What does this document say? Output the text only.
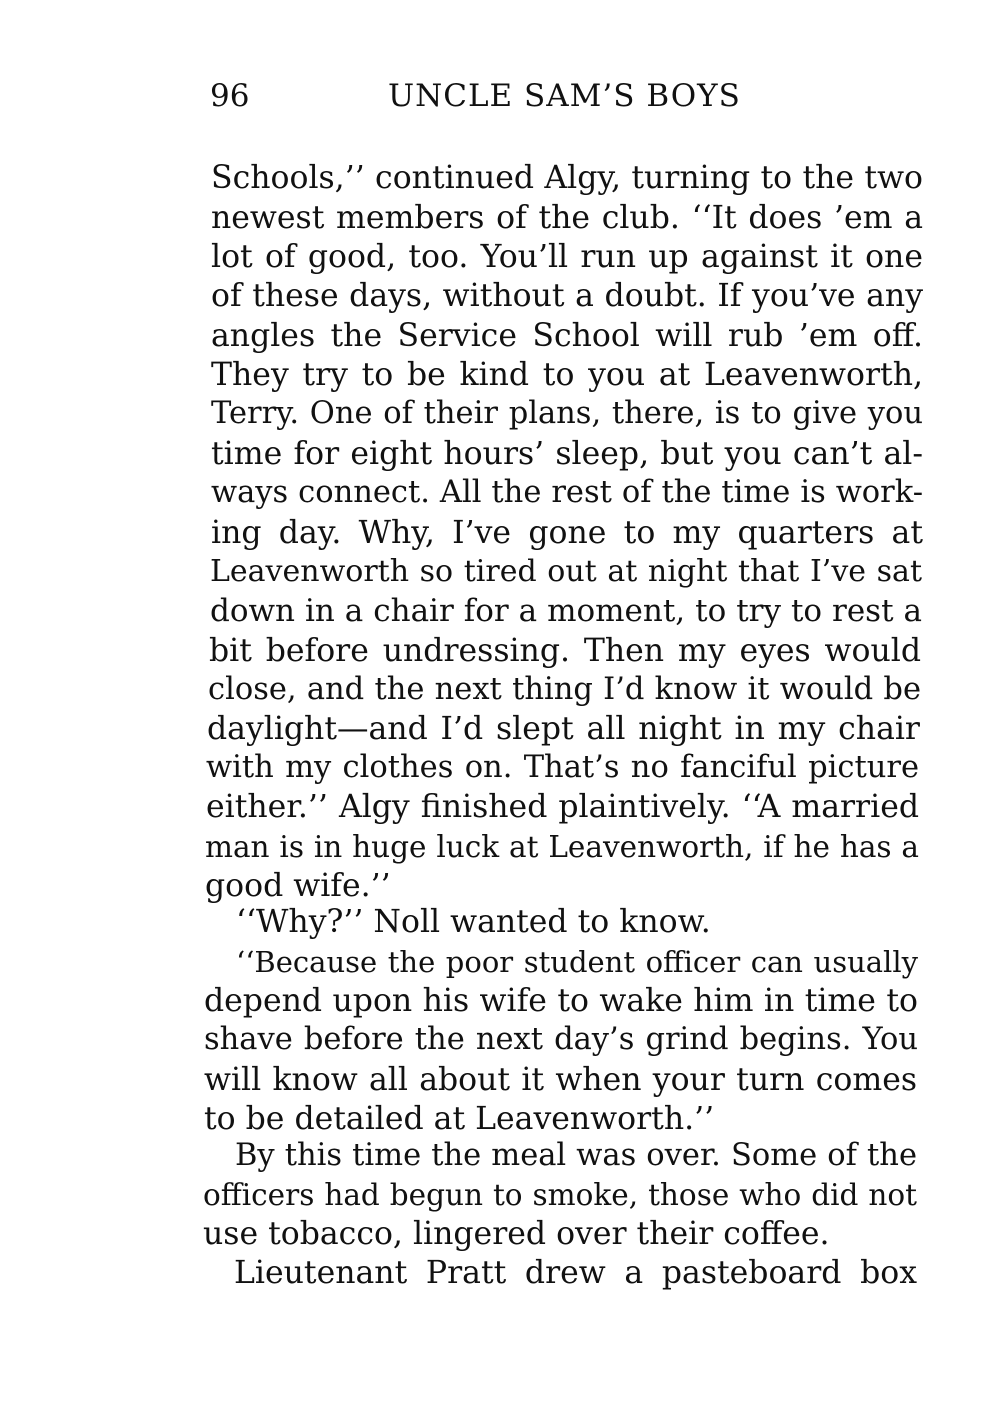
96	UNCLE SAM’S BOYS
Schools,’’ continued Algy, turning to the two
newest members of the club. ‘‘It does ’em a
lot of good, too. You’ll run up against it one
of these days, without a doubt. If you’ve any
angles the Service School will rub ’em off.
They try to be kind to you at Leavenworth,
Terry. One of their plans, there, is to give you
time for eight hours’ sleep, but you can’t al-
ways connect. All the rest of the time is work-
ing day. Why, I’ve gone to my quarters at
Leavenworth so tired out at night that I’ve sat
down in a chair for a moment, to try to rest a
bit before undressing. Then my eyes would
close, and the next thing I’d know it would be
daylight—and I’d slept all night in my chair
with my clothes on. That’s no fanciful picture
either.’’ Algy finished plaintively. ‘‘A married
man is in huge luck at Leavenworth, if he has a
good wife.’’
‘‘Why?’’ Noll wanted to know.
‘‘Because the poor student officer can usually
depend upon his wife to wake him in time to
shave before the next day’s grind begins. You
will know all about it when your turn comes
to be detailed at Leavenworth.’’
By this time the meal was over. Some of the
officers had begun to smoke, those who did not
use tobacco, lingered over their coffee.
Lieutenant Pratt drew a pasteboard box
